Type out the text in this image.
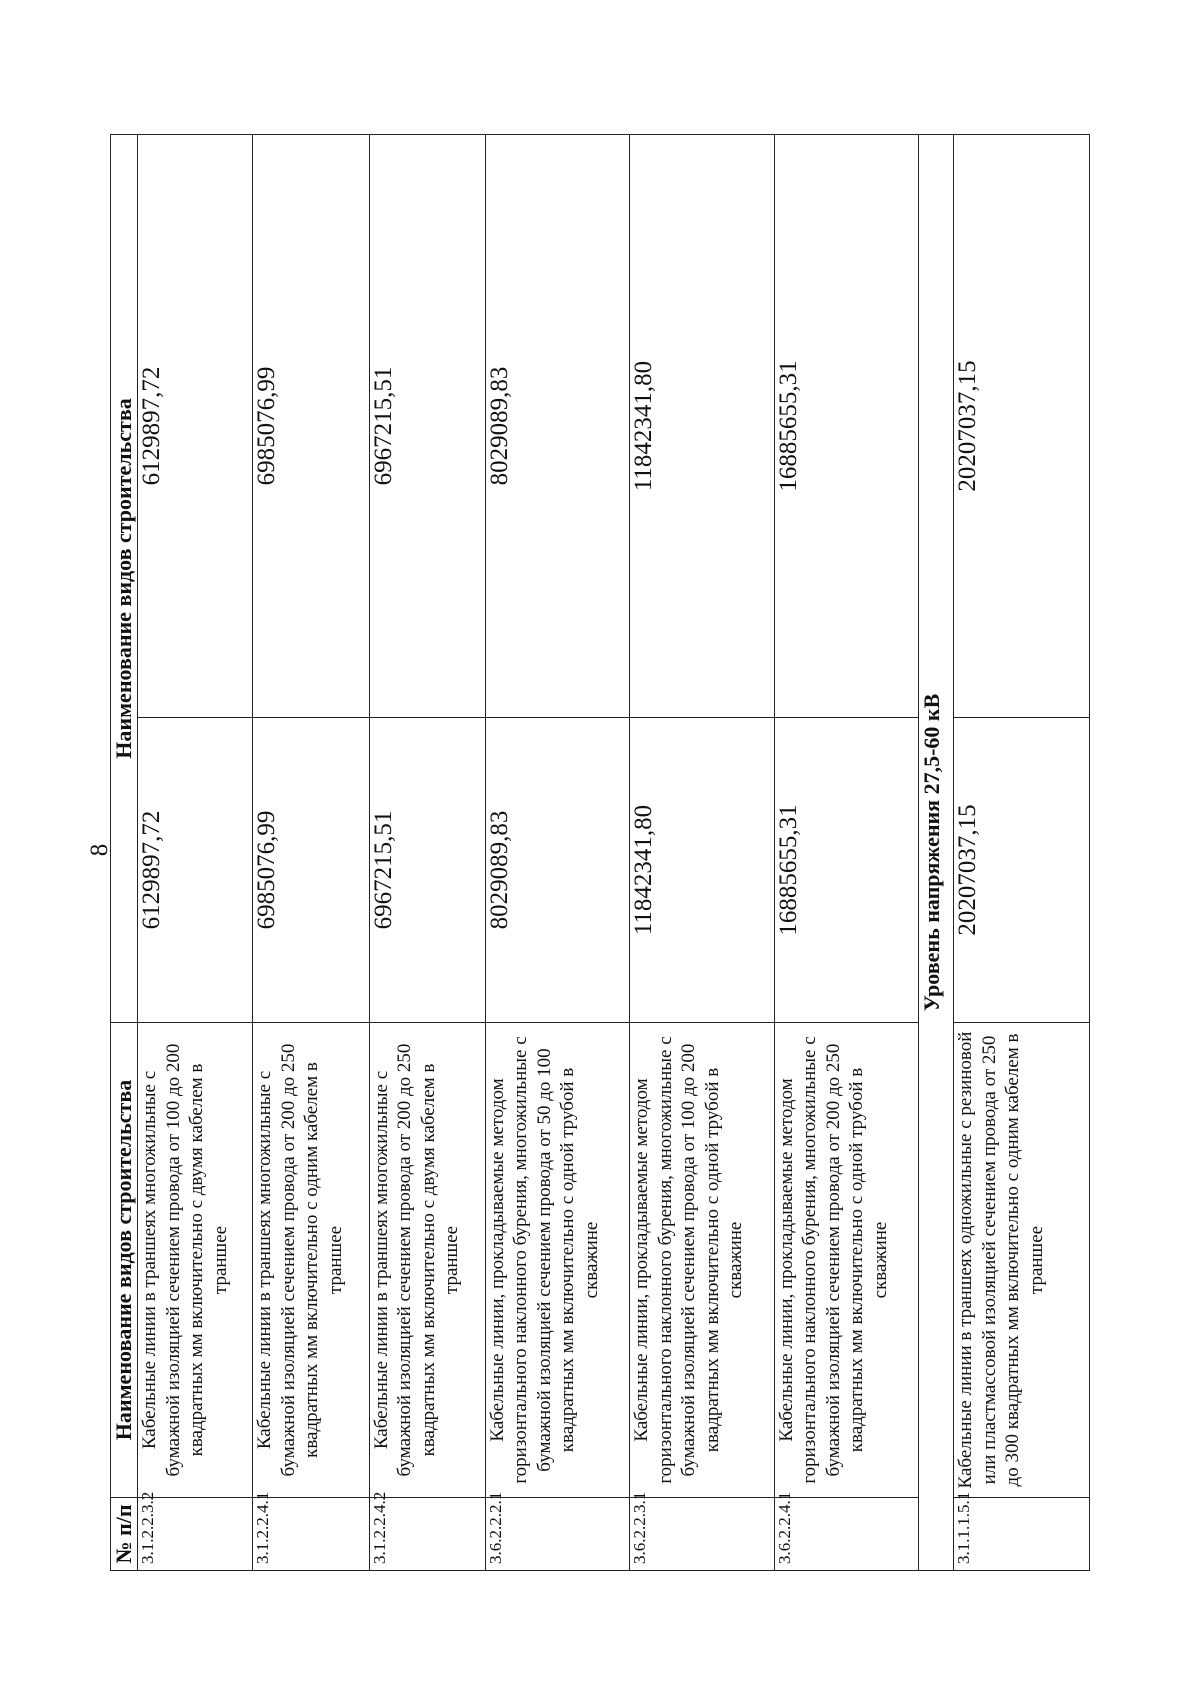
8
№ п/п	Наименование видов строительства	Наименование видов строительства	
3.1.2.2.3.2	Кабельные линии в траншеях многожильные с бумажной изоляцией сечением провода от 100 до 200 квадратных мм включительно с двумя кабелем в траншее	6129897,72	6129897,72
3.1.2.2.4.1	Кабельные линии в траншеях многожильные с бумажной изоляцией сечением провода от 200 до 250 квадратных мм включительно с одним кабелем в траншее	6985076,99	6985076,99
3.1.2.2.4.2	Кабельные линии в траншеях многожильные с бумажной изоляцией сечением провода от 200 до 250 квадратных мм включительно с двумя кабелем в траншее	6967215,51	6967215,51
3.6.2.2.2.1	Кабельные линии, прокладываемые методом горизонтального наклонного бурения, многожильные с бумажной изоляцией сечением провода от 50 до 100 квадратных мм включительно с одной трубой в скважине	8029089,83	8029089,83
3.6.2.2.3.1	Кабельные линии, прокладываемые методом горизонтального наклонного бурения, многожильные с бумажной изоляцией сечением провода от 100 до 200 квадратных мм включительно с одной трубой в скважине	11842341,80	11842341,80
3.6.2.2.4.1	Кабельные линии, прокладываемые методом горизонтального наклонного бурения, многожильные с бумажной изоляцией сечением провода от 200 до 250 квадратных мм включительно с одной трубой в скважине	16885655,31	16885655,31
Уровень напряжения 27,5-60 кВ			
3.1.1.1.5.1	Кабельные линии в траншеях одножильные с резиновой или пластмассовой изоляцией сечением провода от 250 до 300 квадратных мм включительно с одним кабелем в траншее	20207037,15	20207037,15
